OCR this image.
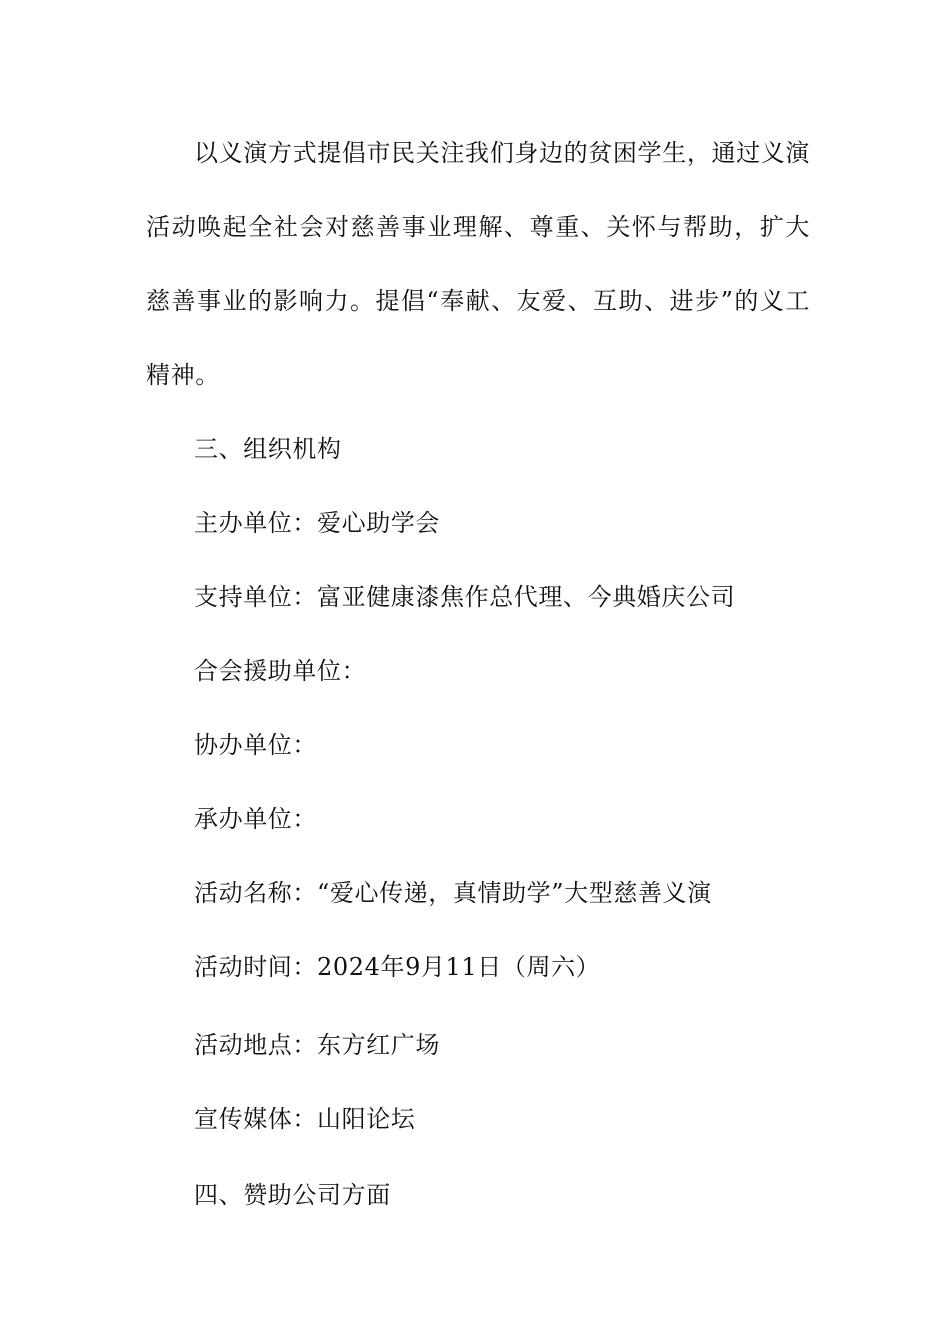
以义演方式提倡市民关注我们身边的贫困学生，通过义演活动唤起全社会对慈善事业理解、尊重、关怀与帮助，扩大慈善事业的影响力。提倡“奉献、友爱、互助、进步”的义工精神。

三、组织机构

主办单位：爱心助学会

支持单位：富亚健康漆焦作总代理、今典婚庆公司

合会援助单位：

协办单位：

承办单位：

活动名称：“爱心传递，真情助学”大型慈善义演

活动时间：2024年9月11日（周六）

活动地点：东方红广场

宣传媒体：山阳论坛

四、赞助公司方面
